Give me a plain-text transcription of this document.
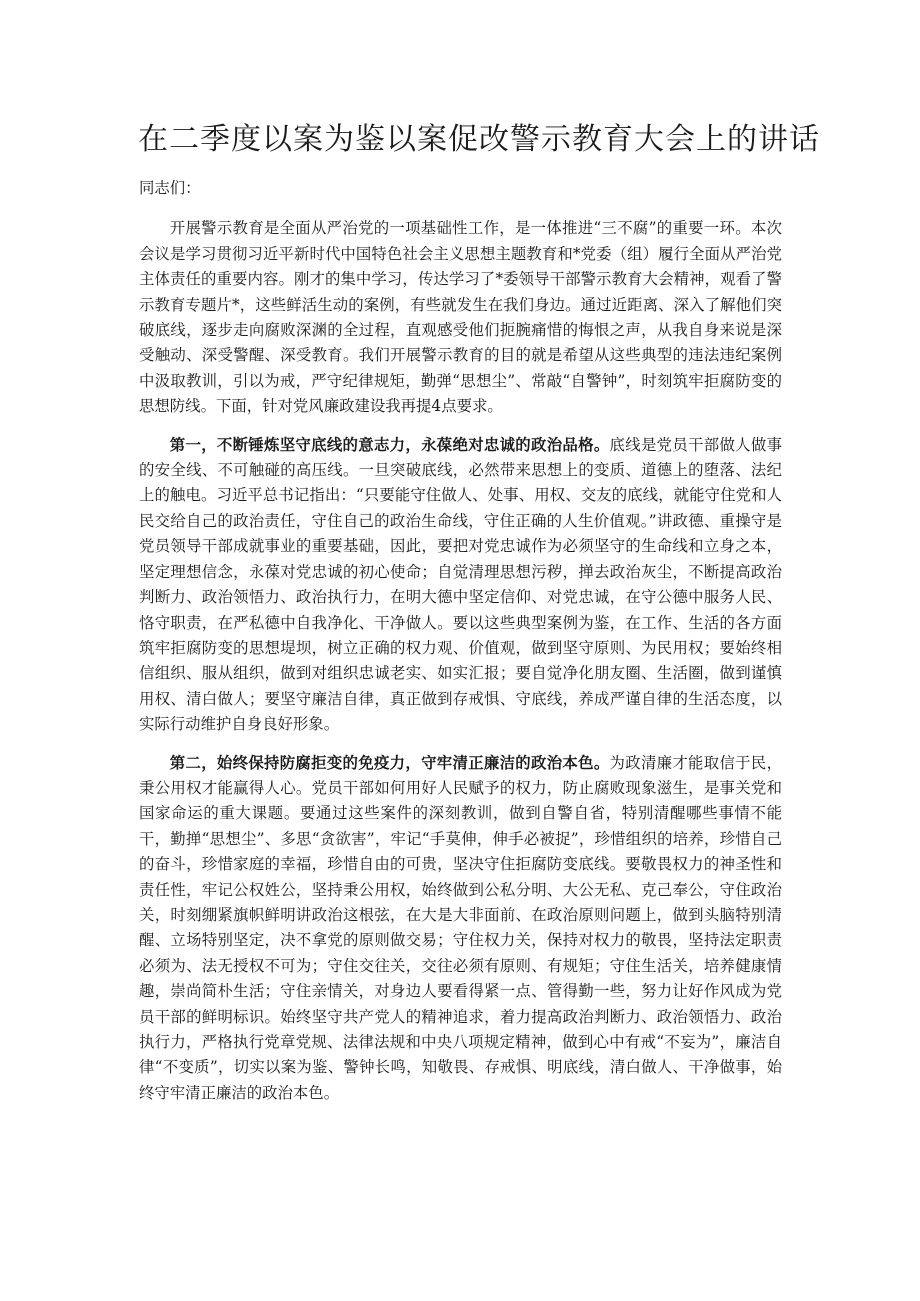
在二季度以案为鉴以案促改警示教育大会上的讲话

同志们：

开展警示教育是全面从严治党的一项基础性工作，是一体推进“三不腐”的重要一环。本次会议是学习贯彻习近平新时代中国特色社会主义思想主题教育和*党委（组）履行全面从严治党主体责任的重要内容。刚才的集中学习，传达学习了*委领导干部警示教育大会精神，观看了警示教育专题片*，这些鲜活生动的案例，有些就发生在我们身边。通过近距离、深入了解他们突破底线，逐步走向腐败深渊的全过程，直观感受他们扼腕痛惜的悔恨之声，从我自身来说是深受触动、深受警醒、深受教育。我们开展警示教育的目的就是希望从这些典型的违法违纪案例中汲取教训，引以为戒，严守纪律规矩，勤弹“思想尘”、常敲“自警钟”，时刻筑牢拒腐防变的思想防线。下面，针对党风廉政建设我再提4点要求。

第一，不断锤炼坚守底线的意志力，永葆绝对忠诚的政治品格。底线是党员干部做人做事的安全线、不可触碰的高压线。一旦突破底线，必然带来思想上的变质、道德上的堕落、法纪上的触电。习近平总书记指出：“只要能守住做人、处事、用权、交友的底线，就能守住党和人民交给自己的政治责任，守住自己的政治生命线，守住正确的人生价值观。”讲政德、重操守是党员领导干部成就事业的重要基础，因此，要把对党忠诚作为必须坚守的生命线和立身之本，坚定理想信念，永葆对党忠诚的初心使命；自觉清理思想污秽，掸去政治灰尘，不断提高政治判断力、政治领悟力、政治执行力，在明大德中坚定信仰、对党忠诚，在守公德中服务人民、恪守职责，在严私德中自我净化、干净做人。要以这些典型案例为鉴，在工作、生活的各方面筑牢拒腐防变的思想堤坝，树立正确的权力观、价值观，做到坚守原则、为民用权；要始终相信组织、服从组织，做到对组织忠诚老实、如实汇报；要自觉净化朋友圈、生活圈，做到谨慎用权、清白做人；要坚守廉洁自律，真正做到存戒惧、守底线，养成严谨自律的生活态度，以实际行动维护自身良好形象。

第二，始终保持防腐拒变的免疫力，守牢清正廉洁的政治本色。为政清廉才能取信于民，秉公用权才能赢得人心。党员干部如何用好人民赋予的权力，防止腐败现象滋生，是事关党和国家命运的重大课题。要通过这些案件的深刻教训，做到自警自省，特别清醒哪些事情不能干，勤掸“思想尘”、多思“贪欲害”，牢记“手莫伸，伸手必被捉”，珍惜组织的培养，珍惜自己的奋斗，珍惜家庭的幸福，珍惜自由的可贵，坚决守住拒腐防变底线。要敬畏权力的神圣性和责任性，牢记公权姓公，坚持秉公用权，始终做到公私分明、大公无私、克己奉公，守住政治关，时刻绷紧旗帜鲜明讲政治这根弦，在大是大非面前、在政治原则问题上，做到头脑特别清醒、立场特别坚定，决不拿党的原则做交易；守住权力关，保持对权力的敬畏，坚持法定职责必须为、法无授权不可为；守住交往关，交往必须有原则、有规矩；守住生活关，培养健康情趣，崇尚简朴生活；守住亲情关，对身边人要看得紧一点、管得勤一些，努力让好作风成为党员干部的鲜明标识。始终坚守共产党人的精神追求，着力提高政治判断力、政治领悟力、政治执行力，严格执行党章党规、法律法规和中央八项规定精神，做到心中有戒“不妄为”，廉洁自律“不变质”，切实以案为鉴、警钟长鸣，知敬畏、存戒惧、明底线，清白做人、干净做事，始终守牢清正廉洁的政治本色。
